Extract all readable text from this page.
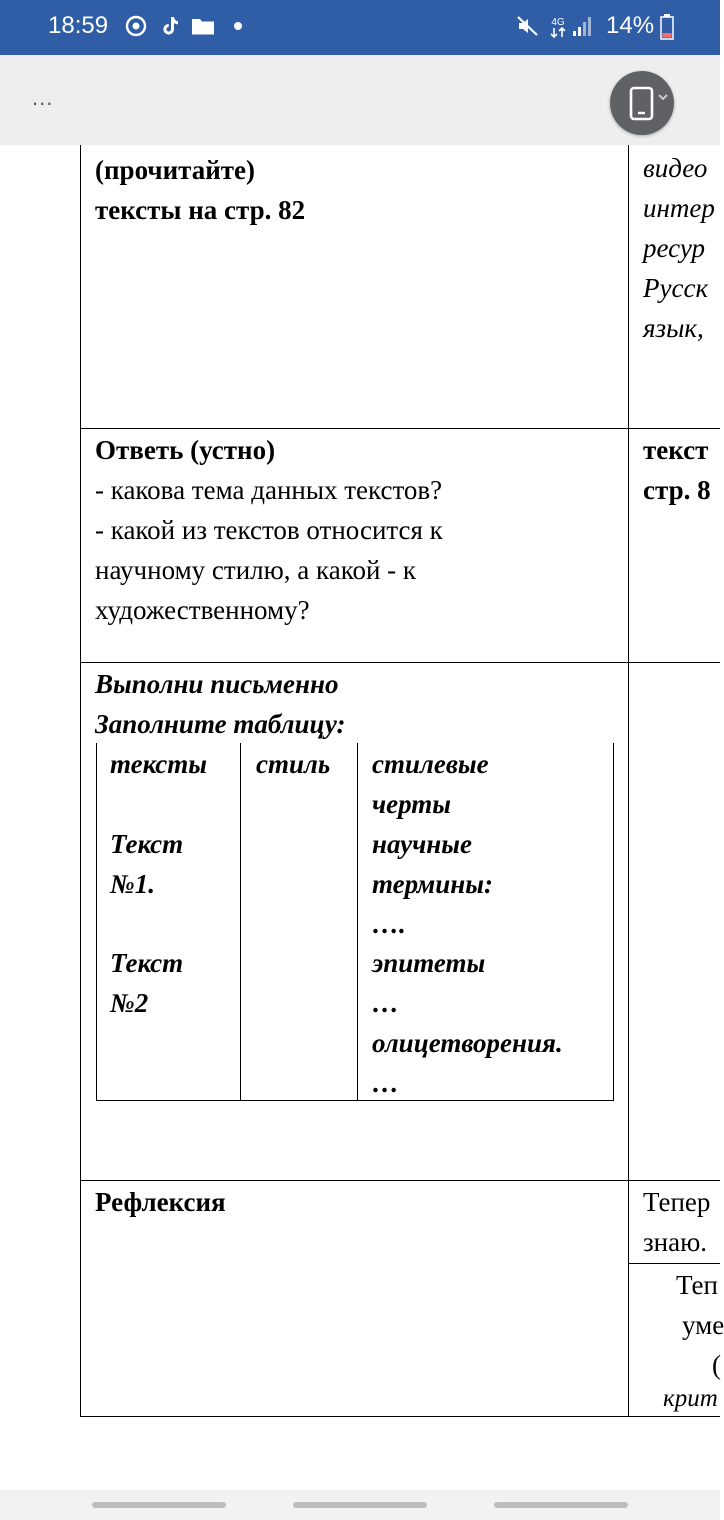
18:59	4G 14%
...
(прочитайте)
тексты на стр. 82
видео
интер
ресур
Русск
язык,
Ответь (устно)
- какова тема данных текстов?
- какой из текстов относится к
научному стилю, а какой - к
художественному?
текст
стр. 8
Выполни письменно
Заполните таблицу:
тексты стиль стилевые
черты
Текст
№1.
научные
термины:
….
Текст
№2
эпитеты
…
олицетворения.
…
Рефлексия	Тепер
знаю.
Теп
уме
(
крит
